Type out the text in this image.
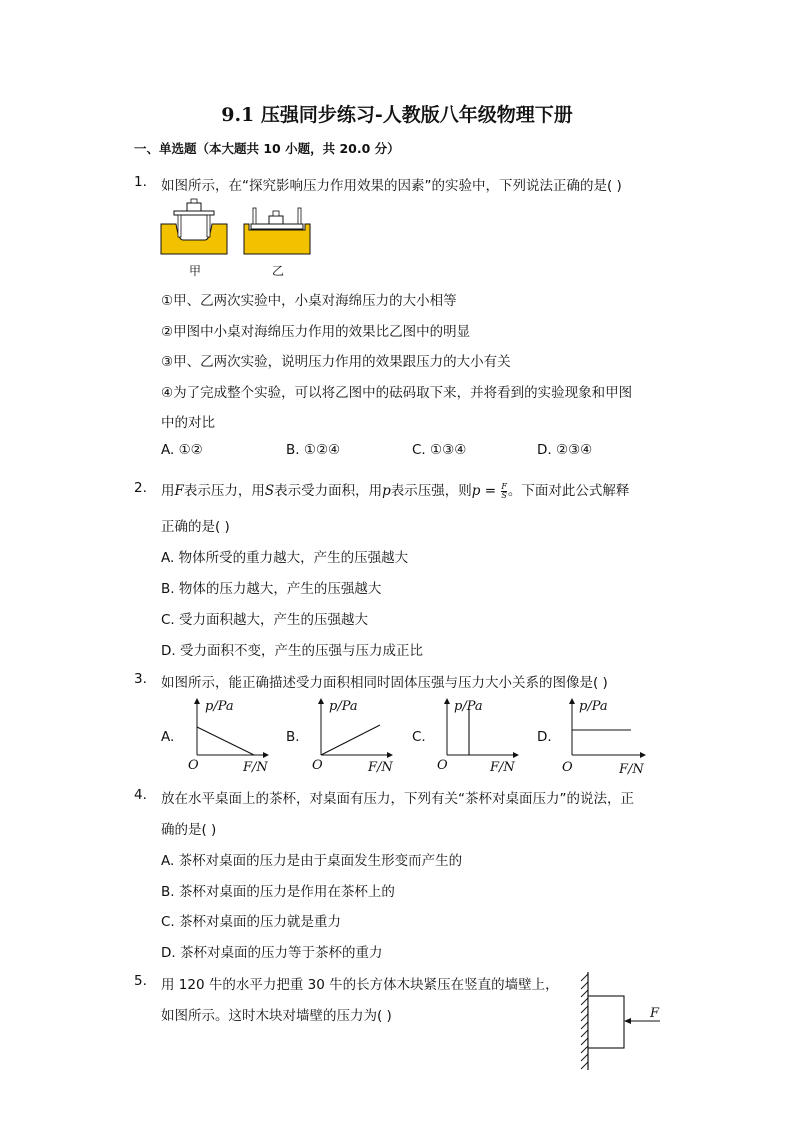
9.1 压强同步练习-人教版八年级物理下册
一、单选题（本大题共 10 小题，共 20.0 分）
1. 如图所示，在“探究影响压力作用效果的因素”的实验中，下列说法正确的是( )
甲	乙
①甲、乙两次实验中，小桌对海绵压力的大小相等
②甲图中小桌对海绵压力作用的效果比乙图中的明显
③甲、乙两次实验，说明压力作用的效果跟压力的大小有关
④为了完成整个实验，可以将乙图中的砝码取下来，并将看到的实验现象和甲图
中的对比
A. ①②	B. ①②④	C. ①③④	D. ②③④
2. 用F表示压力，用S表示受力面积，用p表示压强，则$p = \frac{F}{S}$ 。下面对此公式解释
正确的是( )
A. 物体所受的重力越大，产生的压强越大
B. 物体的压力越大，产生的压强越大
C. 受力面积越大，产生的压强越大
D. 受力面积不变，产生的压强与压力成正比
3. 如图所示，能正确描述受力面积相同时固体压强与压力大小关系的图像是( )
A.
p/Pa
O	F/N
B.
p/Pa
O	F/N
C.
p/Pa
O	F/N
D.
p/Pa
O	F/N
4. 放在水平桌面上的茶杯，对桌面有压力，下列有关“茶杯对桌面压力”的说法，正
确的是( )
A. 茶杯对桌面的压力是由于桌面发生形变而产生的
B. 茶杯对桌面的压力是作用在茶杯上的
C. 茶杯对桌面的压力就是重力
D. 茶杯对桌面的压力等于茶杯的重力
5. 用 120 牛的水平力把重 30 牛的长方体木块紧压在竖直的墙壁上，
如图所示。这时木块对墙壁的压力为( )	F
